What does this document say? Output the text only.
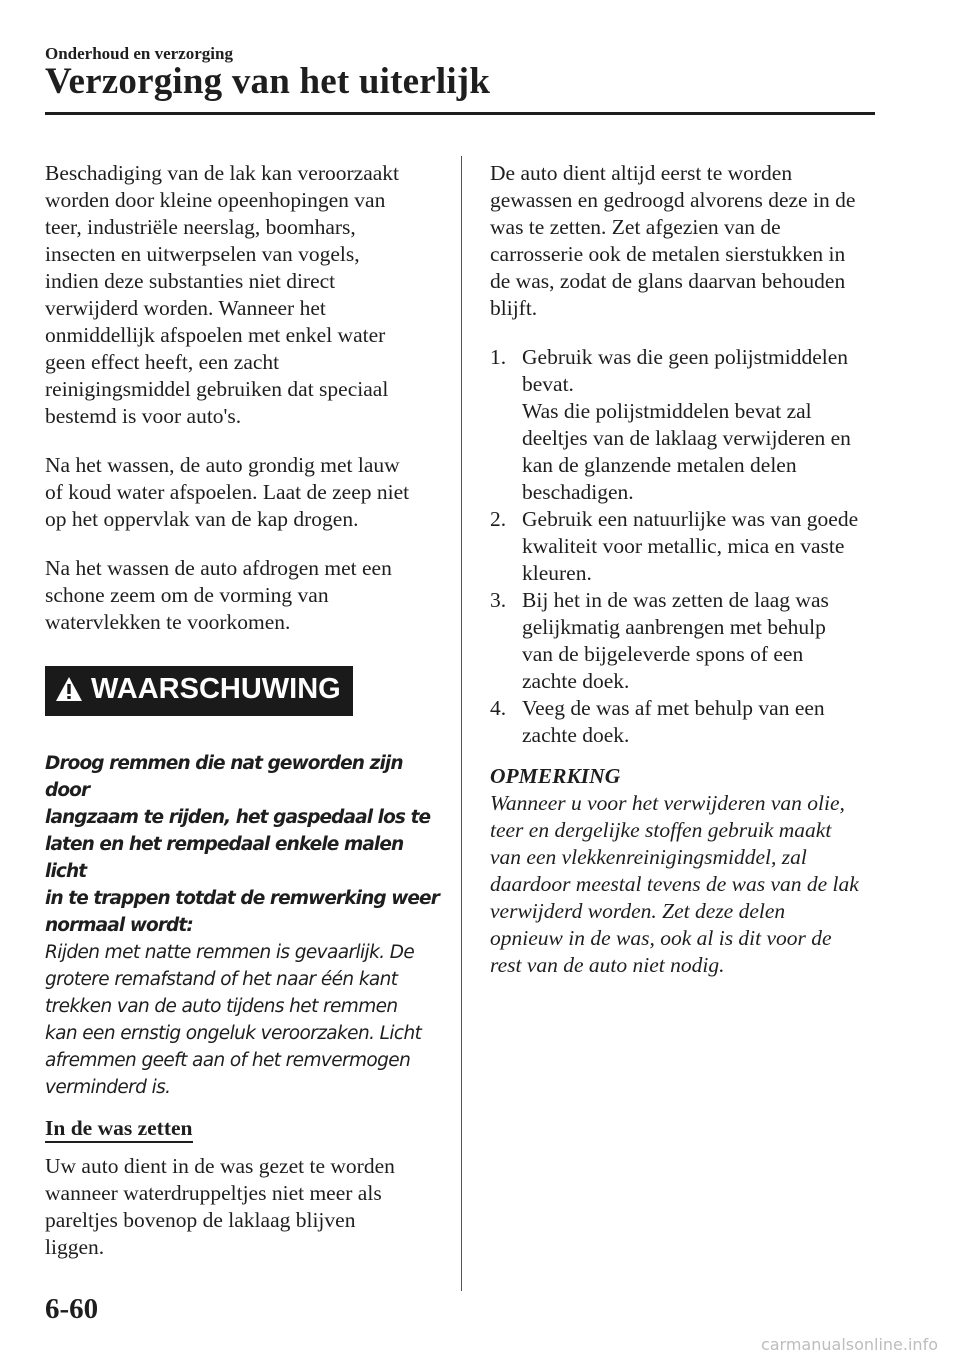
Onderhoud en verzorging
Verzorging van het uiterlijk

Beschadiging van de lak kan veroorzaakt
worden door kleine opeenhopingen van
teer, industriële neerslag, boomhars,
insecten en uitwerpselen van vogels,
indien deze substanties niet direct
verwijderd worden. Wanneer het
onmiddellijk afspoelen met enkel water
geen effect heeft, een zacht
reinigingsmiddel gebruiken dat speciaal
bestemd is voor auto's.

Na het wassen, de auto grondig met lauw
of koud water afspoelen. Laat de zeep niet
op het oppervlak van de kap drogen.

Na het wassen de auto afdrogen met een
schone zeem om de vorming van
watervlekken te voorkomen.

WAARSCHUWING

Droog remmen die nat geworden zijn door
langzaam te rijden, het gaspedaal los te
laten en het rempedaal enkele malen licht
in te trappen totdat de remwerking weer
normaal wordt:

Rijden met natte remmen is gevaarlijk. De
grotere remafstand of het naar één kant
trekken van de auto tijdens het remmen
kan een ernstig ongeluk veroorzaken. Licht
afremmen geeft aan of het remvermogen
verminderd is.

In de was zetten

Uw auto dient in de was gezet te worden
wanneer waterdruppeltjes niet meer als
pareltjes bovenop de laklaag blijven
liggen.

De auto dient altijd eerst te worden
gewassen en gedroogd alvorens deze in de
was te zetten. Zet afgezien van de
carrosserie ook de metalen sierstukken in
de was, zodat de glans daarvan behouden
blijft.

1. Gebruik was die geen polijstmiddelen
bevat.
Was die polijstmiddelen bevat zal
deeltjes van de laklaag verwijderen en
kan de glanzende metalen delen
beschadigen.
2. Gebruik een natuurlijke was van goede
kwaliteit voor metallic, mica en vaste
kleuren.
3. Bij het in de was zetten de laag was
gelijkmatig aanbrengen met behulp
van de bijgeleverde spons of een
zachte doek.
4. Veeg de was af met behulp van een
zachte doek.

OPMERKING

Wanneer u voor het verwijderen van olie,
teer en dergelijke stoffen gebruik maakt
van een vlekkenreinigingsmiddel, zal
daardoor meestal tevens de was van de lak
verwijderd worden. Zet deze delen
opnieuw in de was, ook al is dit voor de
rest van de auto niet nodig.

6-60
carmanualsonline.info
